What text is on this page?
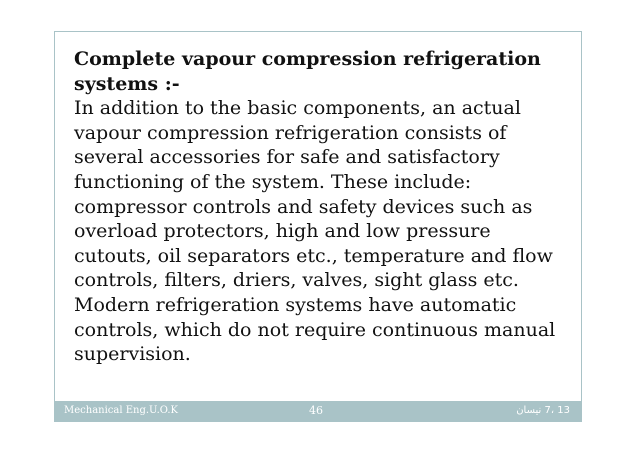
Complete vapour compression refrigeration systems :-

In addition to the basic components, an actual vapour compression refrigeration consists of several accessories for safe and satisfactory functioning of the system. These include: compressor controls and safety devices such as overload protectors, high and low pressure cutouts, oil separators etc., temperature and flow controls, filters, driers, valves, sight glass etc. Modern refrigeration systems have automatic controls, which do not require continuous manual supervision.

Mechanical Eng.U.O.K	46	13 ،7 نيسان
